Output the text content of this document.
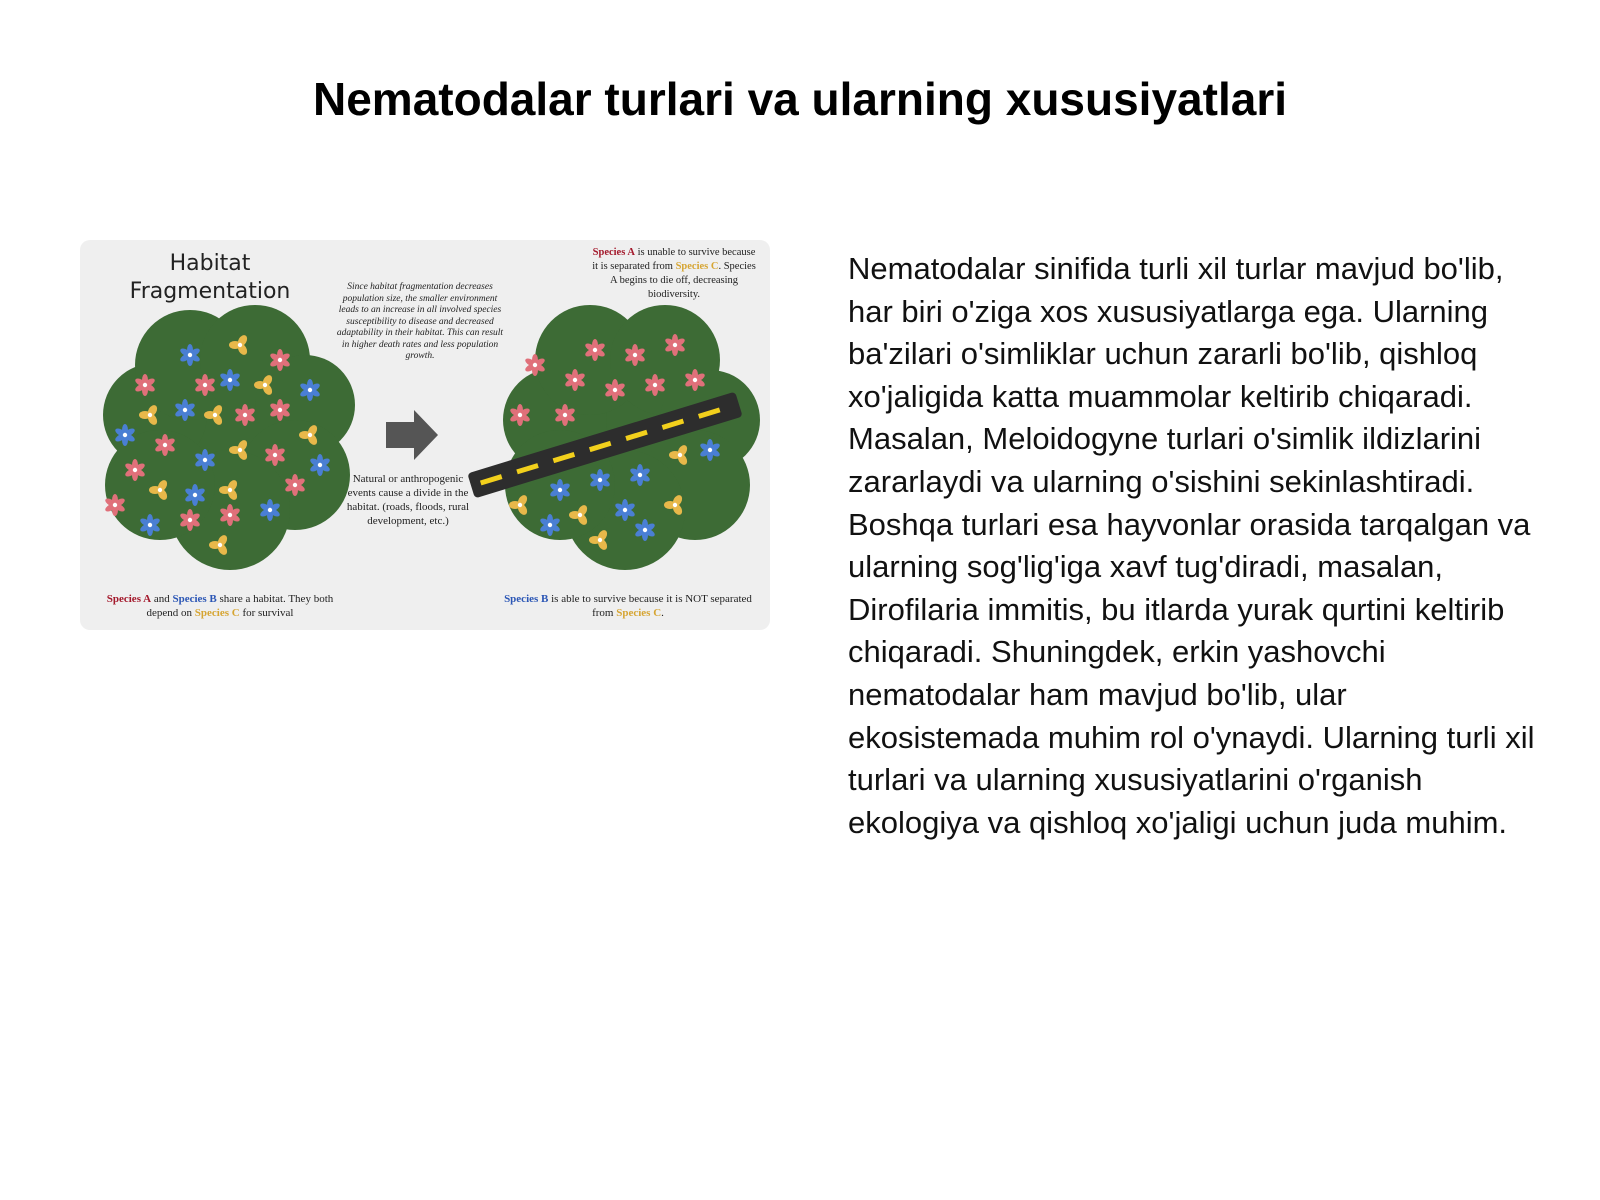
Nematodalar turlari va ularning xususiyatlari
Habitat Fragmentation	Since habitat fragmentation decreases population size, the smaller environment leads to an increase in all involved species susceptibility to disease and decreased adaptability in their habitat. This can result in higher death rates and less population growth.
Natural or anthropogenic events cause a divide in the habitat. (roads, floods, rural development, etc.)
Species A is unable to survive because it is separated from Species C. Species A begins to die off, decreasing biodiversity.
Species A and Species B share a habitat. They both depend on Species C for survival
Species B is able to survive because it is NOT separated from Species C.
Nematodalar sinifida turli xil turlar mavjud bo'lib, har biri o'ziga xos xususiyatlarga ega. Ularning ba'zilari o'simliklar uchun zararli bo'lib, qishloq xo'jaligida katta muammolar keltirib chiqaradi. Masalan, Meloidogyne turlari o'simlik ildizlarini zararlaydi va ularning o'sishini sekinlashtiradi. Boshqa turlari esa hayvonlar orasida tarqalgan va ularning sog'lig'iga xavf tug'diradi, masalan, Dirofilaria immitis, bu itlarda yurak qurtini keltirib chiqaradi. Shuningdek, erkin yashovchi nematodalar ham mavjud bo'lib, ular ekosistemada muhim rol o'ynaydi. Ularning turli xil turlari va ularning xususiyatlarini o'rganish ekologiya va qishloq xo'jaligi uchun juda muhim.
